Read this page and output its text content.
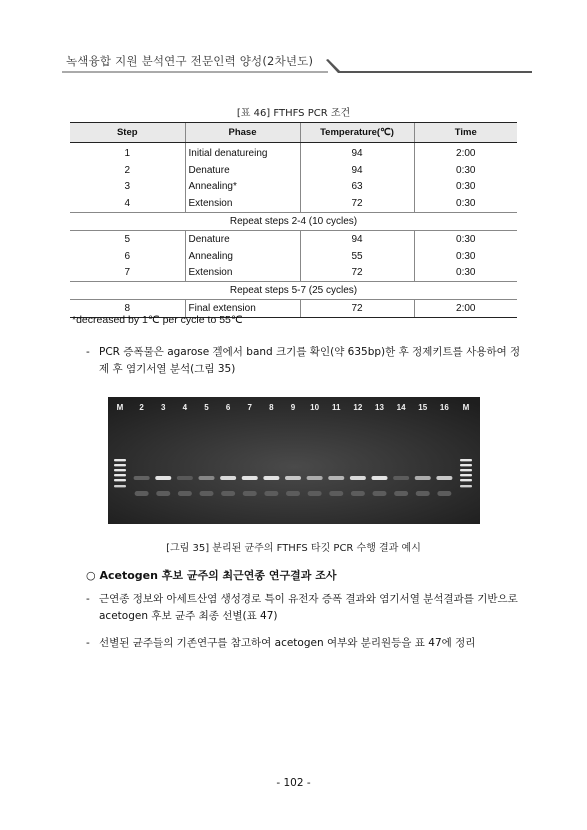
녹색융합 지원 분석연구 전문인력 양성(2차년도)
[표 46] FTHFS PCR 조건
Step	Phase	Temperature(℃)	Time
1	Initial denatureing	94	2:00
2	Denature	94	0:30
3	Annealing*	63	0:30
4	Extension	72	0:30
Repeat steps 2-4 (10 cycles)			
5	Denature	94	0:30
6	Annealing	55	0:30
7	Extension	72	0:30
Repeat steps 5-7 (25 cycles)			
8	Final extension	72	2:00
*decreased by 1℃ per cycle to 55℃
- PCR 증폭물은 agarose 겔에서 band 크기를 확인(약 635bp)한 후 정제키트를 사용하여 정제 후 염기서열 분석(그림 35)
M 2 3 4 5 6 7 8 9 10 11 12 13 14 15 16 M
[그림 35] 분리된 균주의 FTHFS 타깃 PCR 수행 결과 예시
○ Acetogen 후보 균주의 최근연종 연구결과 조사
- 근연종 정보와 아세트산염 생성경로 특이 유전자 증폭 결과와 염기서열 분석결과를 기반으로 acetogen 후보 균주 최종 선별(표 47)
- 선별된 균주들의 기존연구를 참고하여 acetogen 여부와 분리원등을 표 47에 정리
- 102 -
